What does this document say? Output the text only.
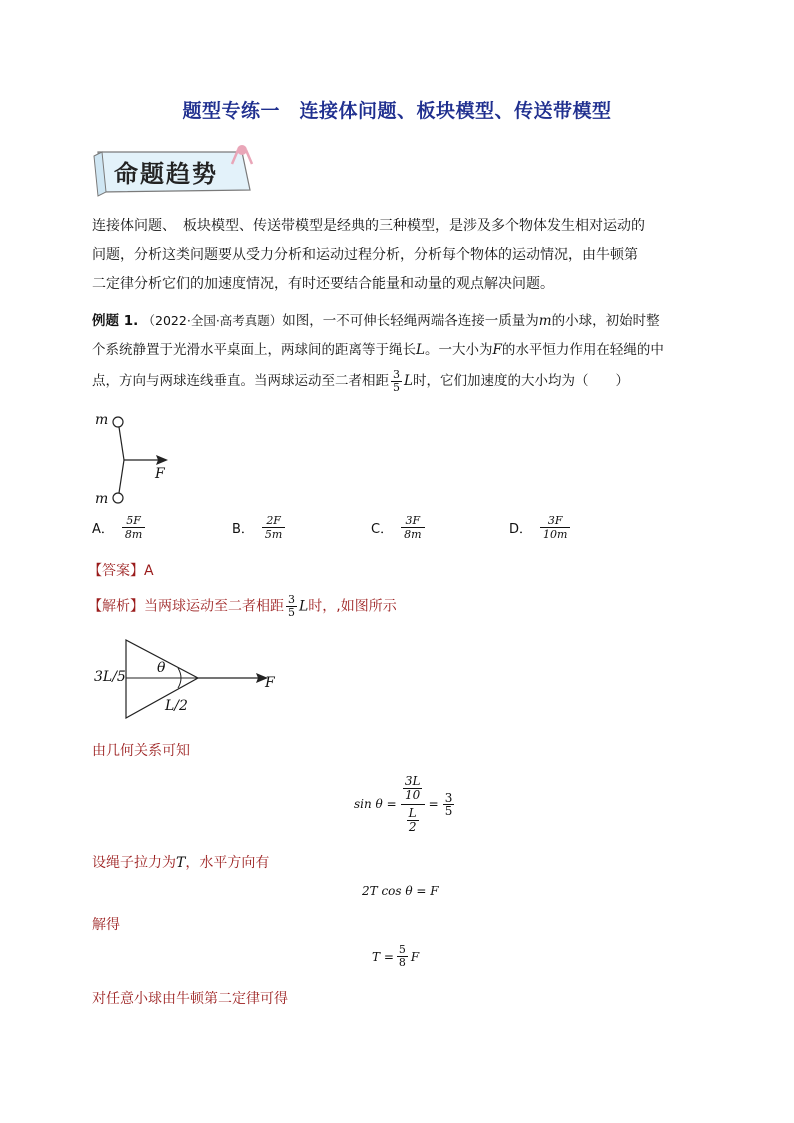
题型专练一　连接体问题、板块模型、传送带模型
命题趋势
连接体问题、　板块模型、传送带模型是经典的三种模型，是涉及多个物体发生相对运动的
问题，分析这类问题要从受力分析和运动过程分析，分析每个物体的运动情况，由牛顿第
二定律分析它们的加速度情况，有时还要结合能量和动量的观点解决问题。
例题 1. （2022·全国·高考真题）如图，一不可伸长轻绳两端各连接一质量为m的小球，初始时整
个系统静置于光滑水平桌面上，两球间的距离等于绳长L。一大小为F的水平恒力作用在轻绳的中
点，方向与两球连线垂直。当两球运动至二者相距 $\frac{3}{5}$ L时，它们加速度的大小均为（　　）
m
m
F
A． $\frac{5F}{8m}$	B． $\frac{2F}{5m}$	C． $\frac{3F}{8m}$	D． $\frac{3F}{10m}$
【答案】A
【解析】当两球运动至二者相距 $\frac{3}{5}$ L时，,如图所示
3L/5
θ
L/2
F
由几何关系可知
sin θ =
$\frac{3L}{10}$
$\frac{L}{2}$
= $\frac{3}{5}$
设绳子拉力为T，水平方向有
2T cos θ = F
解得
$T = \frac{5}{8}$ F
对任意小球由牛顿第二定律可得
